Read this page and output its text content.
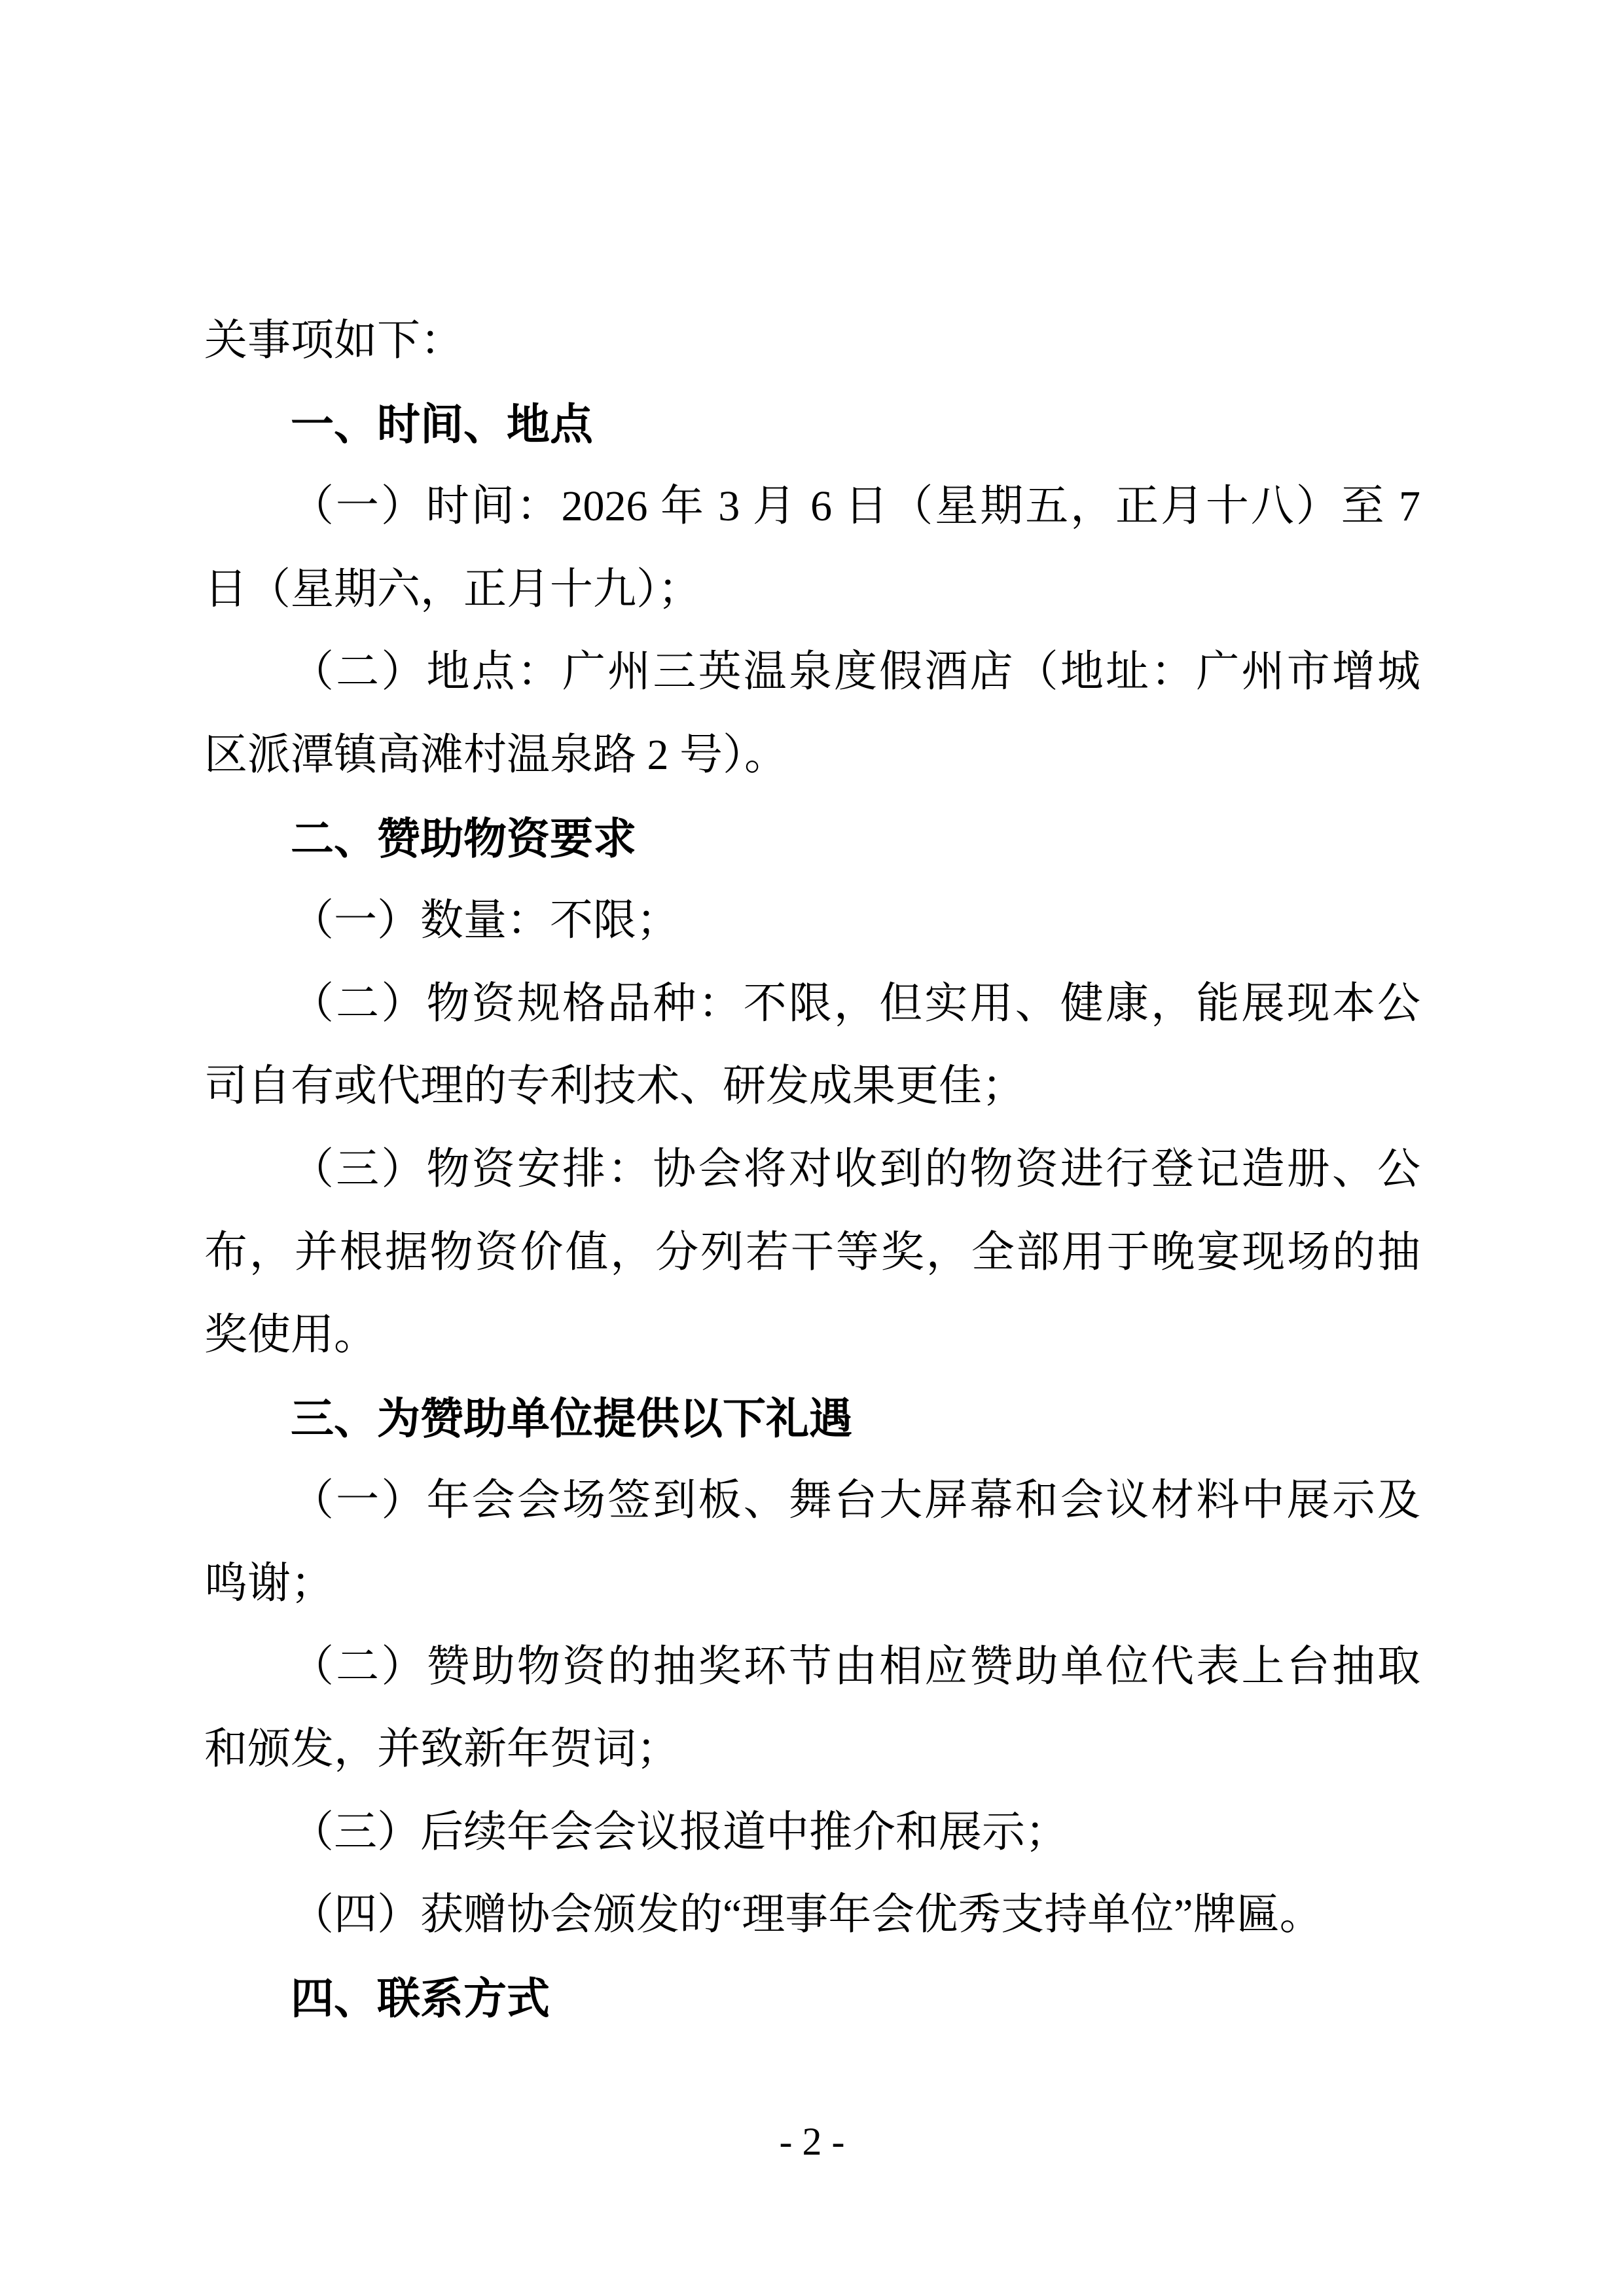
关事项如下：
一、时间、地点
（一）时间：2026 年 3 月 6 日（星期五，正月十八）至 7
日（星期六，正月十九）；
（二）地点：广州三英温泉度假酒店（地址：广州市增城
区派潭镇高滩村温泉路 2 号）。
二、赞助物资要求
（一）数量：不限；
（二）物资规格品种：不限，但实用、健康，能展现本公
司自有或代理的专利技术、研发成果更佳；
（三）物资安排：协会将对收到的物资进行登记造册、公
布，并根据物资价值，分列若干等奖，全部用于晚宴现场的抽
奖使用。
三、为赞助单位提供以下礼遇
（一）年会会场签到板、舞台大屏幕和会议材料中展示及
鸣谢；
（二）赞助物资的抽奖环节由相应赞助单位代表上台抽取
和颁发，并致新年贺词；
（三）后续年会会议报道中推介和展示；
（四）获赠协会颁发的“理事年会优秀支持单位”牌匾。
四、联系方式
- 2 -
